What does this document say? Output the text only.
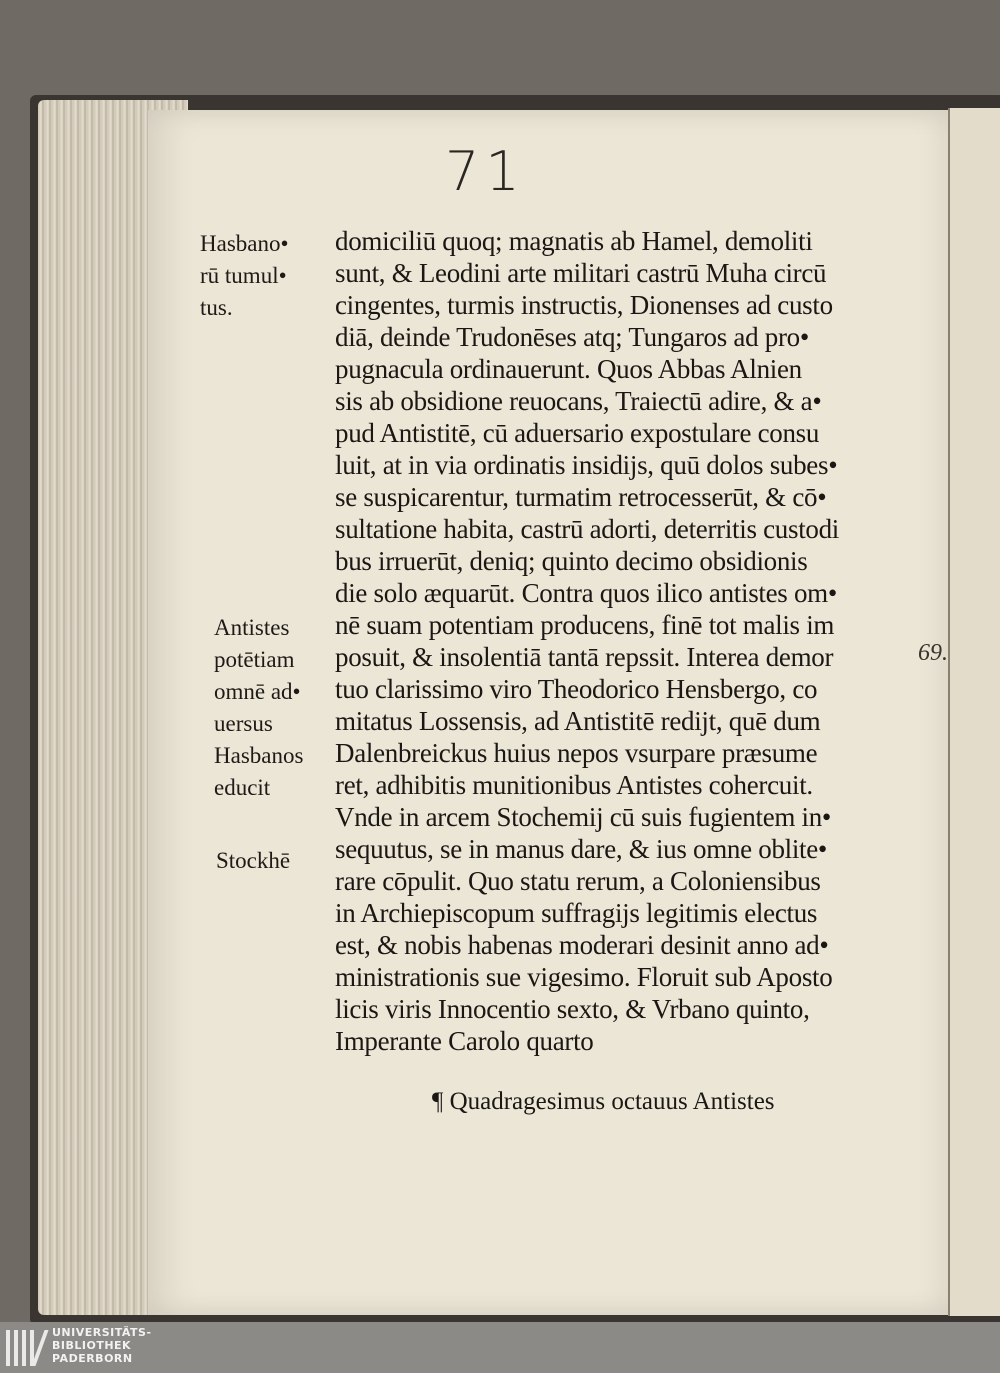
71
Hasbano•
rū tumul•
tus.
Antistes
potētiam
omnē ad•
uersus
Hasbanos
educit
Stockhē
domiciliū quoq; magnatis ab Hamel, demoliti
sunt, & Leodini arte militari castrū Muha circū
cingentes, turmis instructis, Dionenses ad custo
diā, deinde Trudonēses atq; Tungaros ad pro•
pugnacula ordinauerunt. Quos Abbas Alnien
sis ab obsidione reuocans, Traiectū adire, & a•
pud Antistitē, cū aduersario expostulare consu
luit, at in via ordinatis insidijs, quū dolos subes•
se suspicarentur, turmatim retrocesserūt, & cō•
sultatione habita, castrū adorti, deterritis custodi
bus irruerūt, deniq; quinto decimo obsidionis
die solo æquarūt. Contra quos ilico antistes om•
nē suam potentiam producens, finē tot malis im
posuit, & insolentiā tantā repssit. Interea demor
tuo clarissimo viro Theodorico Hensbergo, co
mitatus Lossensis, ad Antistitē redijt, quē dum
Dalenbreickus huius nepos vsurpare præsume
ret, adhibitis munitionibus Antistes cohercuit.
Vnde in arcem Stochemij cū suis fugientem in•
sequutus, se in manus dare, & ius omne oblite•
rare cōpulit. Quo statu rerum, a Coloniensibus
in Archiepiscopum suffragijs legitimis electus
est, & nobis habenas moderari desinit anno ad•
ministrationis sue vigesimo. Floruit sub Aposto
licis viris Innocentio sexto, & Vrbano quinto,
Imperante Carolo quarto
69.
¶ Quadragesimus octauus Antistes
UNIVERSITÄTS-
BIBLIOTHEK
PADERBORN
